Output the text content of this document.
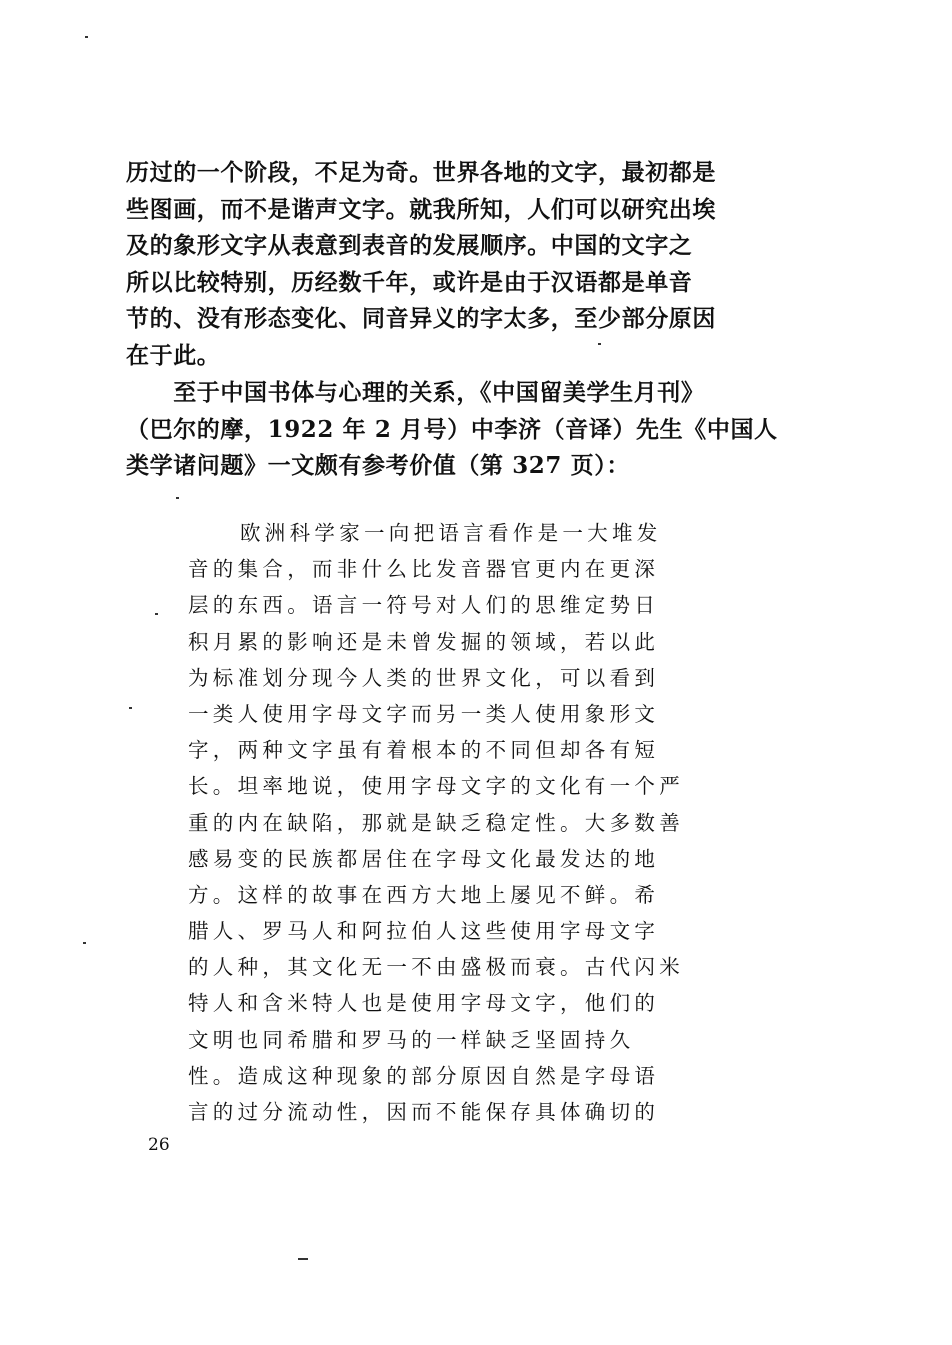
历过的一个阶段，不足为奇。世界各地的文字，最初都是
些图画，而不是谐声文字。就我所知，人们可以研究出埃
及的象形文字从表意到表音的发展顺序。中国的文字之
所以比较特别，历经数千年，或许是由于汉语都是单音
节的、没有形态变化、同音异义的字太多，至少部分原因
在于此。
　　至于中国书体与心理的关系，《中国留美学生月刊》
（巴尔的摩，1922 年 2 月号）中李济（音译）先生《中国人
类学诸问题》一文颇有参考价值（第 327 页）：
欧洲科学家一向把语言看作是一大堆发
音的集合，而非什么比发音器官更内在更深
层的东西。语言一符号对人们的思维定势日
积月累的影响还是未曾发掘的领域，若以此
为标准划分现今人类的世界文化，可以看到
一类人使用字母文字而另一类人使用象形文
字，两种文字虽有着根本的不同但却各有短
长。坦率地说，使用字母文字的文化有一个严
重的内在缺陷，那就是缺乏稳定性。大多数善
感易变的民族都居住在字母文化最发达的地
方。这样的故事在西方大地上屡见不鲜。希
腊人、罗马人和阿拉伯人这些使用字母文字
的人种，其文化无一不由盛极而衰。古代闪米
特人和含米特人也是使用字母文字，他们的
文明也同希腊和罗马的一样缺乏坚固持久
性。造成这种现象的部分原因自然是字母语
言的过分流动性，因而不能保存具体确切的
26
